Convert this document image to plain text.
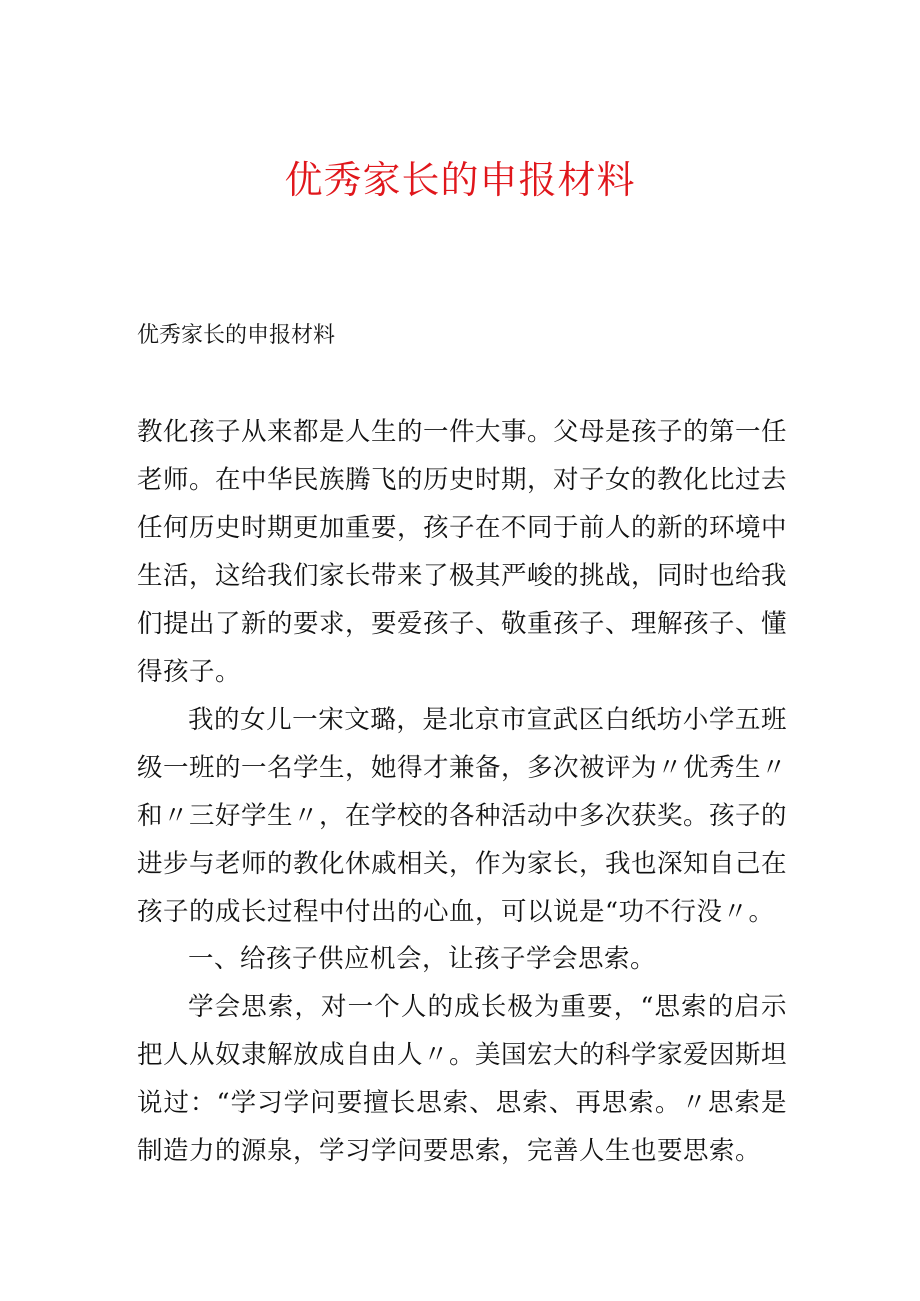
优秀家长的申报材料

优秀家长的申报材料

教化孩子从来都是人生的一件大事。父母是孩子的第一任老师。在中华民族腾飞的历史时期，对子女的教化比过去任何历史时期更加重要，孩子在不同于前人的新的环境中生活，这给我们家长带来了极其严峻的挑战，同时也给我们提出了新的要求，要爱孩子、敬重孩子、理解孩子、懂得孩子。

我的女儿一宋文璐，是北京市宣武区白纸坊小学五班级一班的一名学生，她得才兼备，多次被评为〃优秀生〃和〃三好学生〃，在学校的各种活动中多次获奖。孩子的进步与老师的教化休戚相关，作为家长，我也深知自己在孩子的成长过程中付出的心血，可以说是“功不行没〃。

一、给孩子供应机会，让孩子学会思索。

学会思索，对一个人的成长极为重要，“思索的启示把人从奴隶解放成自由人〃。美国宏大的科学家爱因斯坦说过：“学习学问要擅长思索、思索、再思索。〃思索是制造力的源泉，学习学问要思索，完善人生也要思索。
